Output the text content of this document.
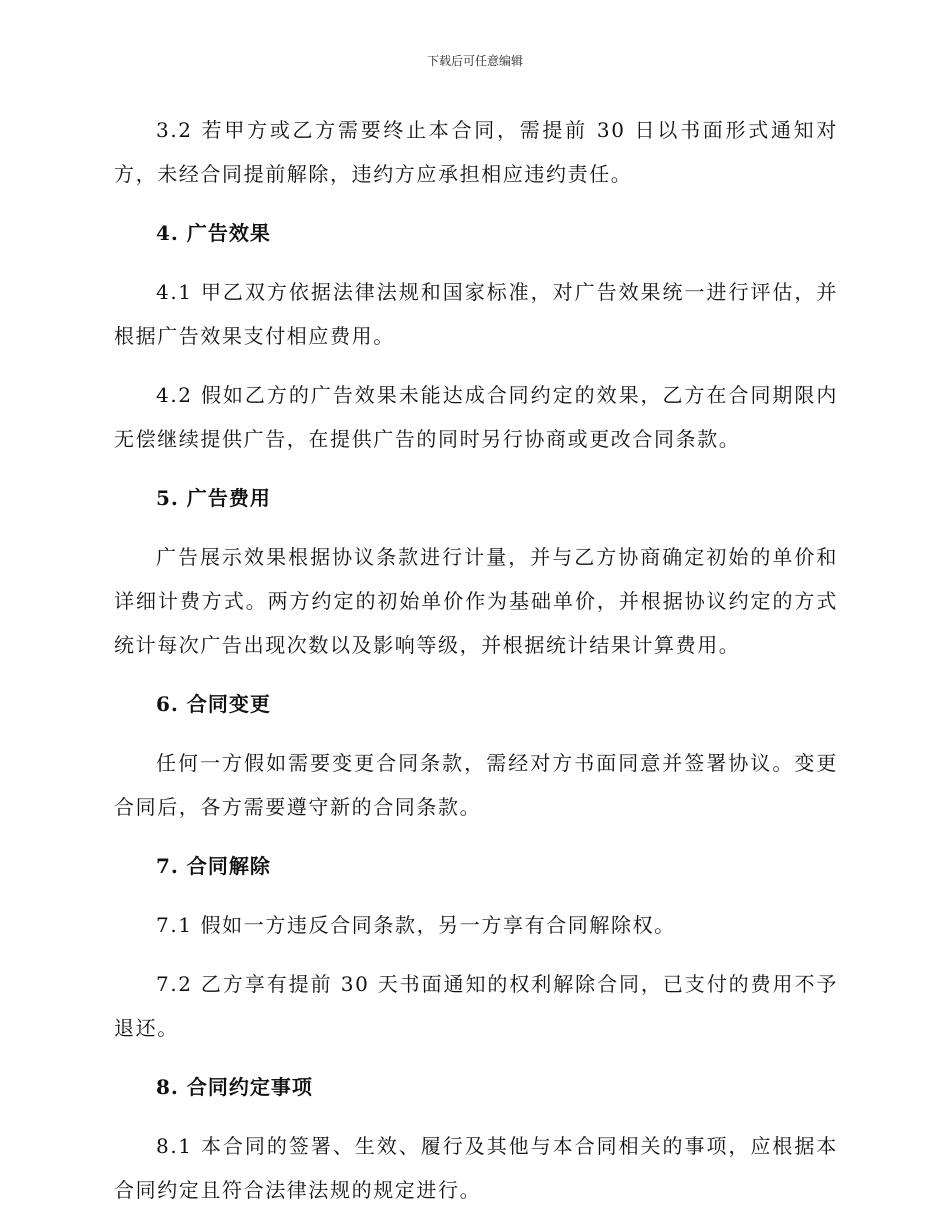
下载后可任意编辑

3.2 若甲方或乙方需要终止本合同，需提前 30 日以书面形式通知对方，未经合同提前解除，违约方应承担相应违约责任。

4. 广告效果

4.1 甲乙双方依据法律法规和国家标准，对广告效果统一进行评估，并根据广告效果支付相应费用。

4.2 假如乙方的广告效果未能达成合同约定的效果，乙方在合同期限内无偿继续提供广告，在提供广告的同时另行协商或更改合同条款。

5. 广告费用

广告展示效果根据协议条款进行计量，并与乙方协商确定初始的单价和详细计费方式。两方约定的初始单价作为基础单价，并根据协议约定的方式统计每次广告出现次数以及影响等级，并根据统计结果计算费用。

6. 合同变更

任何一方假如需要变更合同条款，需经对方书面同意并签署协议。变更合同后，各方需要遵守新的合同条款。

7. 合同解除

7.1 假如一方违反合同条款，另一方享有合同解除权。

7.2 乙方享有提前 30 天书面通知的权利解除合同，已支付的费用不予退还。

8. 合同约定事项

8.1 本合同的签署、生效、履行及其他与本合同相关的事项，应根据本合同约定且符合法律法规的规定进行。
